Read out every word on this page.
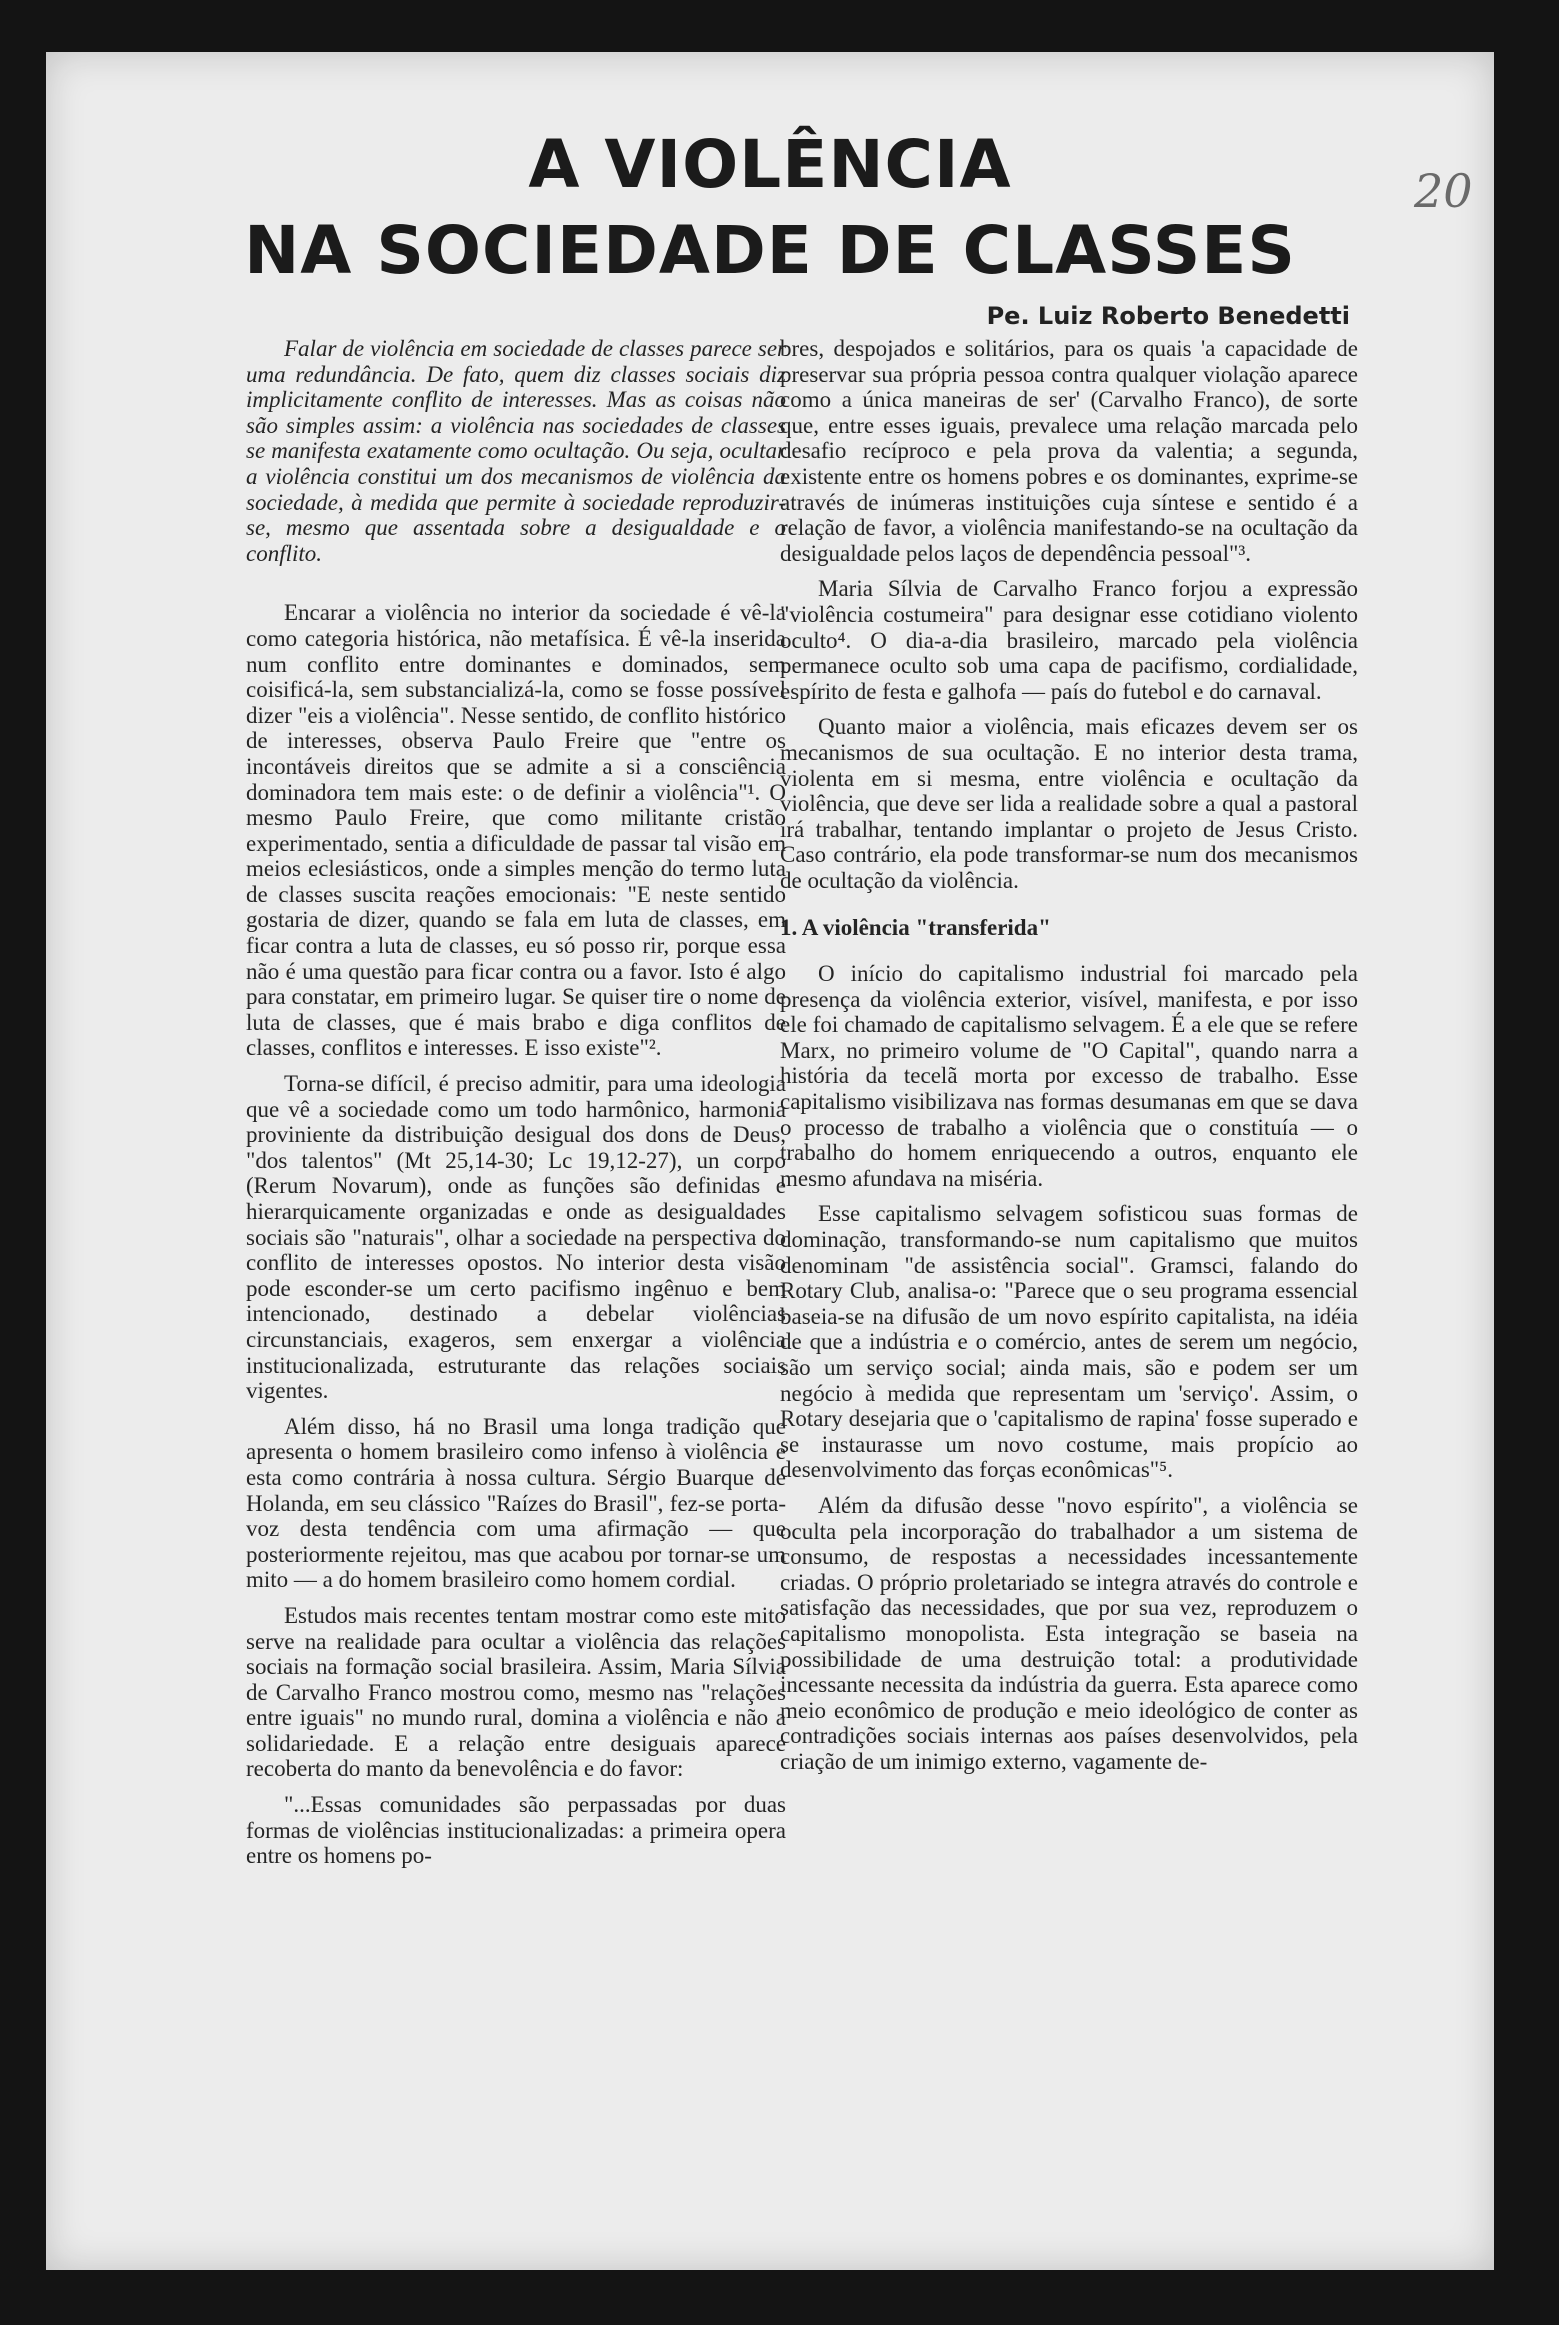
20
A VIOLÊNCIA
NA SOCIEDADE DE CLASSES
Pe. Luiz Roberto Benedetti

Falar de violência em sociedade de classes parece ser uma redundância. De fato, quem diz classes sociais diz implicitamente conflito de interesses. Mas as coisas não são simples assim: a violência nas sociedades de classes se manifesta exatamente como ocultação. Ou seja, ocultar a violência constitui um dos mecanismos de violência da sociedade, à medida que permite à sociedade reproduzir-se, mesmo que assentada sobre a desigualdade e o conflito.

Encarar a violência no interior da sociedade é vê-la como categoria histórica, não metafísica. É vê-la inserida num conflito entre dominantes e dominados, sem coisificá-la, sem substancializá-la, como se fosse possível dizer "eis a violência". Nesse sentido, de conflito histórico de interesses, observa Paulo Freire que "entre os incontáveis direitos que se admite a si a consciência dominadora tem mais este: o de definir a violência"¹. O mesmo Paulo Freire, que como militante cristão experimentado, sentia a dificuldade de passar tal visão em meios eclesiásticos, onde a simples menção do termo luta de classes suscita reações emocionais: "E neste sentido gostaria de dizer, quando se fala em luta de classes, em ficar contra a luta de classes, eu só posso rir, porque essa não é uma questão para ficar contra ou a favor. Isto é algo para constatar, em primeiro lugar. Se quiser tire o nome de luta de classes, que é mais brabo e diga conflitos de classes, conflitos e interesses. E isso existe"².

Torna-se difícil, é preciso admitir, para uma ideologia que vê a sociedade como um todo harmônico, harmonia proviniente da distribuição desigual dos dons de Deus, "dos talentos" (Mt 25,14-30; Lc 19,12-27), un corpo (Rerum Novarum), onde as funções são definidas e hierarquicamente organizadas e onde as desigualdades sociais são "naturais", olhar a sociedade na perspectiva do conflito de interesses opostos. No interior desta visão pode esconder-se um certo pacifismo ingênuo e bem intencionado, destinado a debelar violências circunstanciais, exageros, sem enxergar a violência institucionalizada, estruturante das relações sociais vigentes.

Além disso, há no Brasil uma longa tradição que apresenta o homem brasileiro como infenso à violência e esta como contrária à nossa cultura. Sérgio Buarque de Holanda, em seu clássico "Raízes do Brasil", fez-se porta-voz desta tendência com uma afirmação — que posteriormente rejeitou, mas que acabou por tornar-se um mito — a do homem brasileiro como homem cordial.

Estudos mais recentes tentam mostrar como este mito serve na realidade para ocultar a violência das relações sociais na formação social brasileira. Assim, Maria Sílvia de Carvalho Franco mostrou como, mesmo nas "relações entre iguais" no mundo rural, domina a violência e não a solidariedade. E a relação entre desiguais aparece recoberta do manto da benevolência e do favor:

"...Essas comunidades são perpassadas por duas formas de violências institucionalizadas: a primeira opera entre os homens po-

bres, despojados e solitários, para os quais 'a capacidade de preservar sua própria pessoa contra qualquer violação aparece como a única maneiras de ser' (Carvalho Franco), de sorte que, entre esses iguais, prevalece uma relação marcada pelo desafio recíproco e pela prova da valentia; a segunda, existente entre os homens pobres e os dominantes, exprime-se através de inúmeras instituições cuja síntese e sentido é a relação de favor, a violência manifestando-se na ocultação da desigualdade pelos laços de dependência pessoal"³.

Maria Sílvia de Carvalho Franco forjou a expressão "violência costumeira" para designar esse cotidiano violento oculto⁴. O dia-a-dia brasileiro, marcado pela violência permanece oculto sob uma capa de pacifismo, cordialidade, espírito de festa e galhofa — país do futebol e do carnaval.

Quanto maior a violência, mais eficazes devem ser os mecanismos de sua ocultação. E no interior desta trama, violenta em si mesma, entre violência e ocultação da violência, que deve ser lida a realidade sobre a qual a pastoral irá trabalhar, tentando implantar o projeto de Jesus Cristo. Caso contrário, ela pode transformar-se num dos mecanismos de ocultação da violência.

1. A violência "transferida"

O início do capitalismo industrial foi marcado pela presença da violência exterior, visível, manifesta, e por isso ele foi chamado de capitalismo selvagem. É a ele que se refere Marx, no primeiro volume de "O Capital", quando narra a história da tecelã morta por excesso de trabalho. Esse capitalismo visibilizava nas formas desumanas em que se dava o processo de trabalho a violência que o constituía — o trabalho do homem enriquecendo a outros, enquanto ele mesmo afundava na miséria.

Esse capitalismo selvagem sofisticou suas formas de dominação, transformando-se num capitalismo que muitos denominam "de assistência social". Gramsci, falando do Rotary Club, analisa-o: "Parece que o seu programa essencial baseia-se na difusão de um novo espírito capitalista, na idéia de que a indústria e o comércio, antes de serem um negócio, são um serviço social; ainda mais, são e podem ser um negócio à medida que representam um 'serviço'. Assim, o Rotary desejaria que o 'capitalismo de rapina' fosse superado e se instaurasse um novo costume, mais propício ao desenvolvimento das forças econômicas"⁵.

Além da difusão desse "novo espírito", a violência se oculta pela incorporação do trabalhador a um sistema de consumo, de respostas a necessidades incessantemente criadas. O próprio proletariado se integra através do controle e satisfação das necessidades, que por sua vez, reproduzem o capitalismo monopolista. Esta integração se baseia na possibilidade de uma destruição total: a produtividade incessante necessita da indústria da guerra. Esta aparece como meio econômico de produção e meio ideológico de conter as contradições sociais internas aos países desenvolvidos, pela criação de um inimigo externo, vagamente de-
